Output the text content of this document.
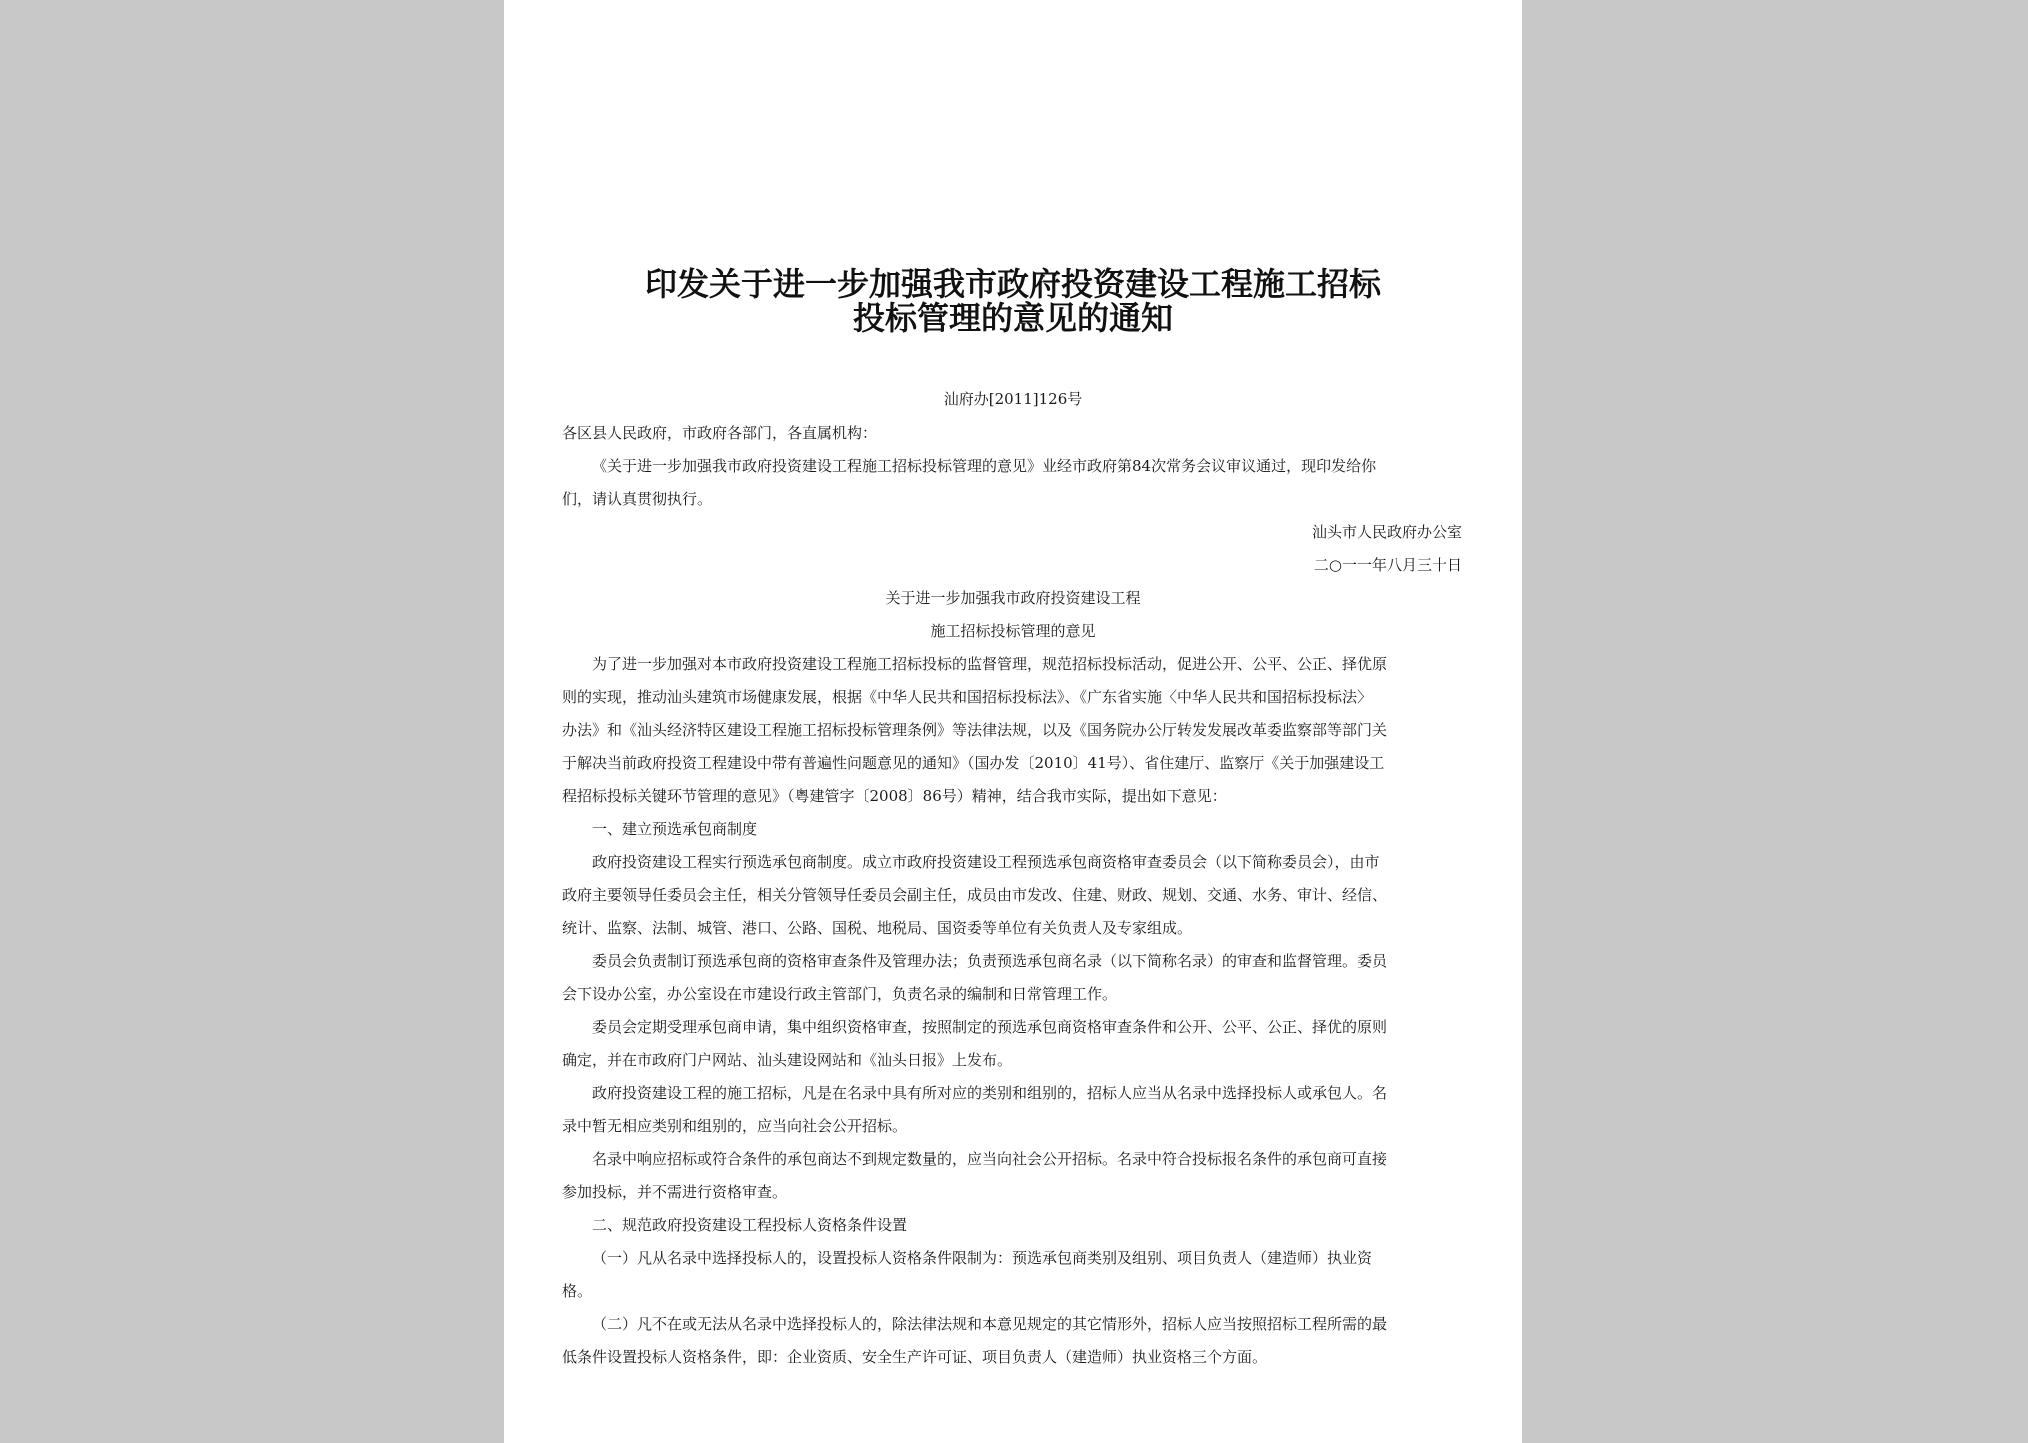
印发关于进一步加强我市政府投资建设工程施工招标
投标管理的意见的通知
汕府办[2011]126号
各区县人民政府，市政府各部门，各直属机构：
《关于进一步加强我市政府投资建设工程施工招标投标管理的意见》业经市政府第84次常务会议审议通过，现印发给你
们，请认真贯彻执行。
汕头市人民政府办公室
二○一一年八月三十日
关于进一步加强我市政府投资建设工程
施工招标投标管理的意见
为了进一步加强对本市政府投资建设工程施工招标投标的监督管理，规范招标投标活动，促进公开、公平、公正、择优原
则的实现，推动汕头建筑市场健康发展，根据《中华人民共和国招标投标法》、《广东省实施〈中华人民共和国招标投标法〉
办法》和《汕头经济特区建设工程施工招标投标管理条例》等法律法规，以及《国务院办公厅转发发展改革委监察部等部门关
于解决当前政府投资工程建设中带有普遍性问题意见的通知》（国办发〔2010〕41号）、省住建厅、监察厅《关于加强建设工
程招标投标关键环节管理的意见》（粤建管字〔2008〕86号）精神，结合我市实际，提出如下意见：
一、建立预选承包商制度
政府投资建设工程实行预选承包商制度。成立市政府投资建设工程预选承包商资格审查委员会（以下简称委员会），由市
政府主要领导任委员会主任，相关分管领导任委员会副主任，成员由市发改、住建、财政、规划、交通、水务、审计、经信、
统计、监察、法制、城管、港口、公路、国税、地税局、国资委等单位有关负责人及专家组成。
委员会负责制订预选承包商的资格审查条件及管理办法；负责预选承包商名录（以下简称名录）的审查和监督管理。委员
会下设办公室，办公室设在市建设行政主管部门，负责名录的编制和日常管理工作。
委员会定期受理承包商申请，集中组织资格审查，按照制定的预选承包商资格审查条件和公开、公平、公正、择优的原则
确定，并在市政府门户网站、汕头建设网站和《汕头日报》上发布。
政府投资建设工程的施工招标，凡是在名录中具有所对应的类别和组别的，招标人应当从名录中选择投标人或承包人。名
录中暂无相应类别和组别的，应当向社会公开招标。
名录中响应招标或符合条件的承包商达不到规定数量的，应当向社会公开招标。名录中符合投标报名条件的承包商可直接
参加投标，并不需进行资格审查。
二、规范政府投资建设工程投标人资格条件设置
（一）凡从名录中选择投标人的，设置投标人资格条件限制为：预选承包商类别及组别、项目负责人（建造师）执业资
格。
（二）凡不在或无法从名录中选择投标人的，除法律法规和本意见规定的其它情形外，招标人应当按照招标工程所需的最
低条件设置投标人资格条件，即：企业资质、安全生产许可证、项目负责人（建造师）执业资格三个方面。
